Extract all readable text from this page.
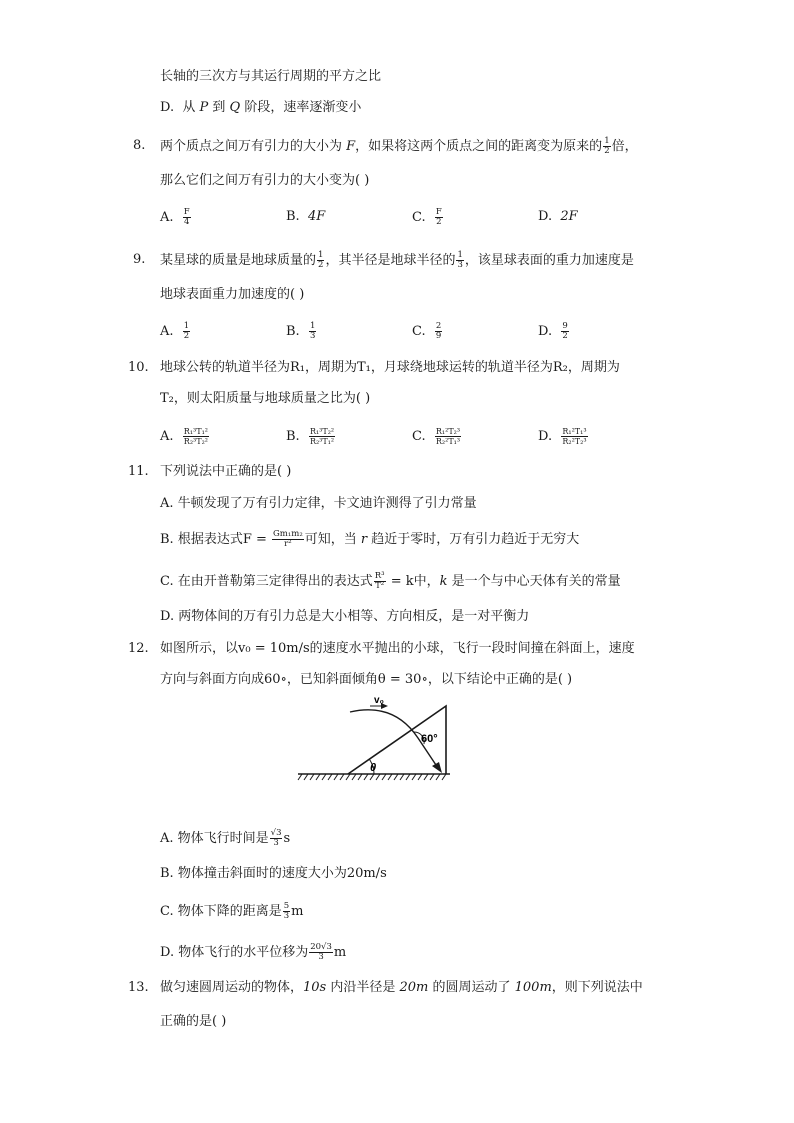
长轴的三次方与其运行周期的平方之比
D. 从 P 到 Q 阶段，速率逐渐变小
8. 两个质点之间万有引力的大小为 F，如果将这两个质点之间的距离变为原来的 $\frac{1}{2}$ 倍，
那么它们之间万有引力的大小变为( )
A. $\frac{F}{4}$	B. 4F	C. $\frac{F}{2}$	D. 2F
9. 某星球的质量是地球质量的 $\frac{1}{2}$ ，其半径是地球半径的 $\frac{1}{3}$ ，该星球表面的重力加速度是
地球表面重力加速度的( )
A. $\frac{1}{2}$	B. $\frac{1}{3}$	C. $\frac{2}{9}$	D. $\frac{9}{2}$
10. 地球公转的轨道半径为R₁，周期为T₁，月球绕地球运转的轨道半径为R₂，周期为
T₂，则太阳质量与地球质量之比为( )
A. $\frac{\text{R₁³T₁²}}{\text{R₂³T₂²}}$	B. $\frac{\text{R₁³T₂²}}{\text{R₂³T₁²}}$	C. $\frac{\text{R₁²T₂³}}{\text{R₂²T₁³}}$	D. $\frac{\text{R₁²T₁³}}{\text{R₂²T₂³}}$
11. 下列说法中正确的是( )
A. 牛顿发现了万有引力定律，卡文迪许测得了引力常量
B. 根据表达式$F = \frac{\text{Gm₁m₂}}{\text{r²}}$ 可知，当 r 趋近于零时，万有引力趋近于无穷大
C. 在由开普勒第三定律得出的表达式 $\frac{\text{R³}}{\text{T²}} = k$中，k 是一个与中心天体有关的常量
D. 两物体间的万有引力总是大小相等、方向相反，是一对平衡力
12. 如图所示，以v₀ = 10m/s的速度水平抛出的小球，飞行一段时间撞在斜面上，速度
方向与斜面方向成60∘，已知斜面倾角θ = 30∘，以下结论中正确的是( )
θ
v₀
60°
A. 物体飞行时间是 $\frac{√3}{3}$ s
B. 物体撞击斜面时的速度大小为20m/s
C. 物体下降的距离是 $\frac{5}{3}$ m
D. 物体飞行的水平位移为 $\frac{20√3}{3}$ m
13. 做匀速圆周运动的物体，10s 内沿半径是 20m 的圆周运动了 100m，则下列说法中
正确的是( )
